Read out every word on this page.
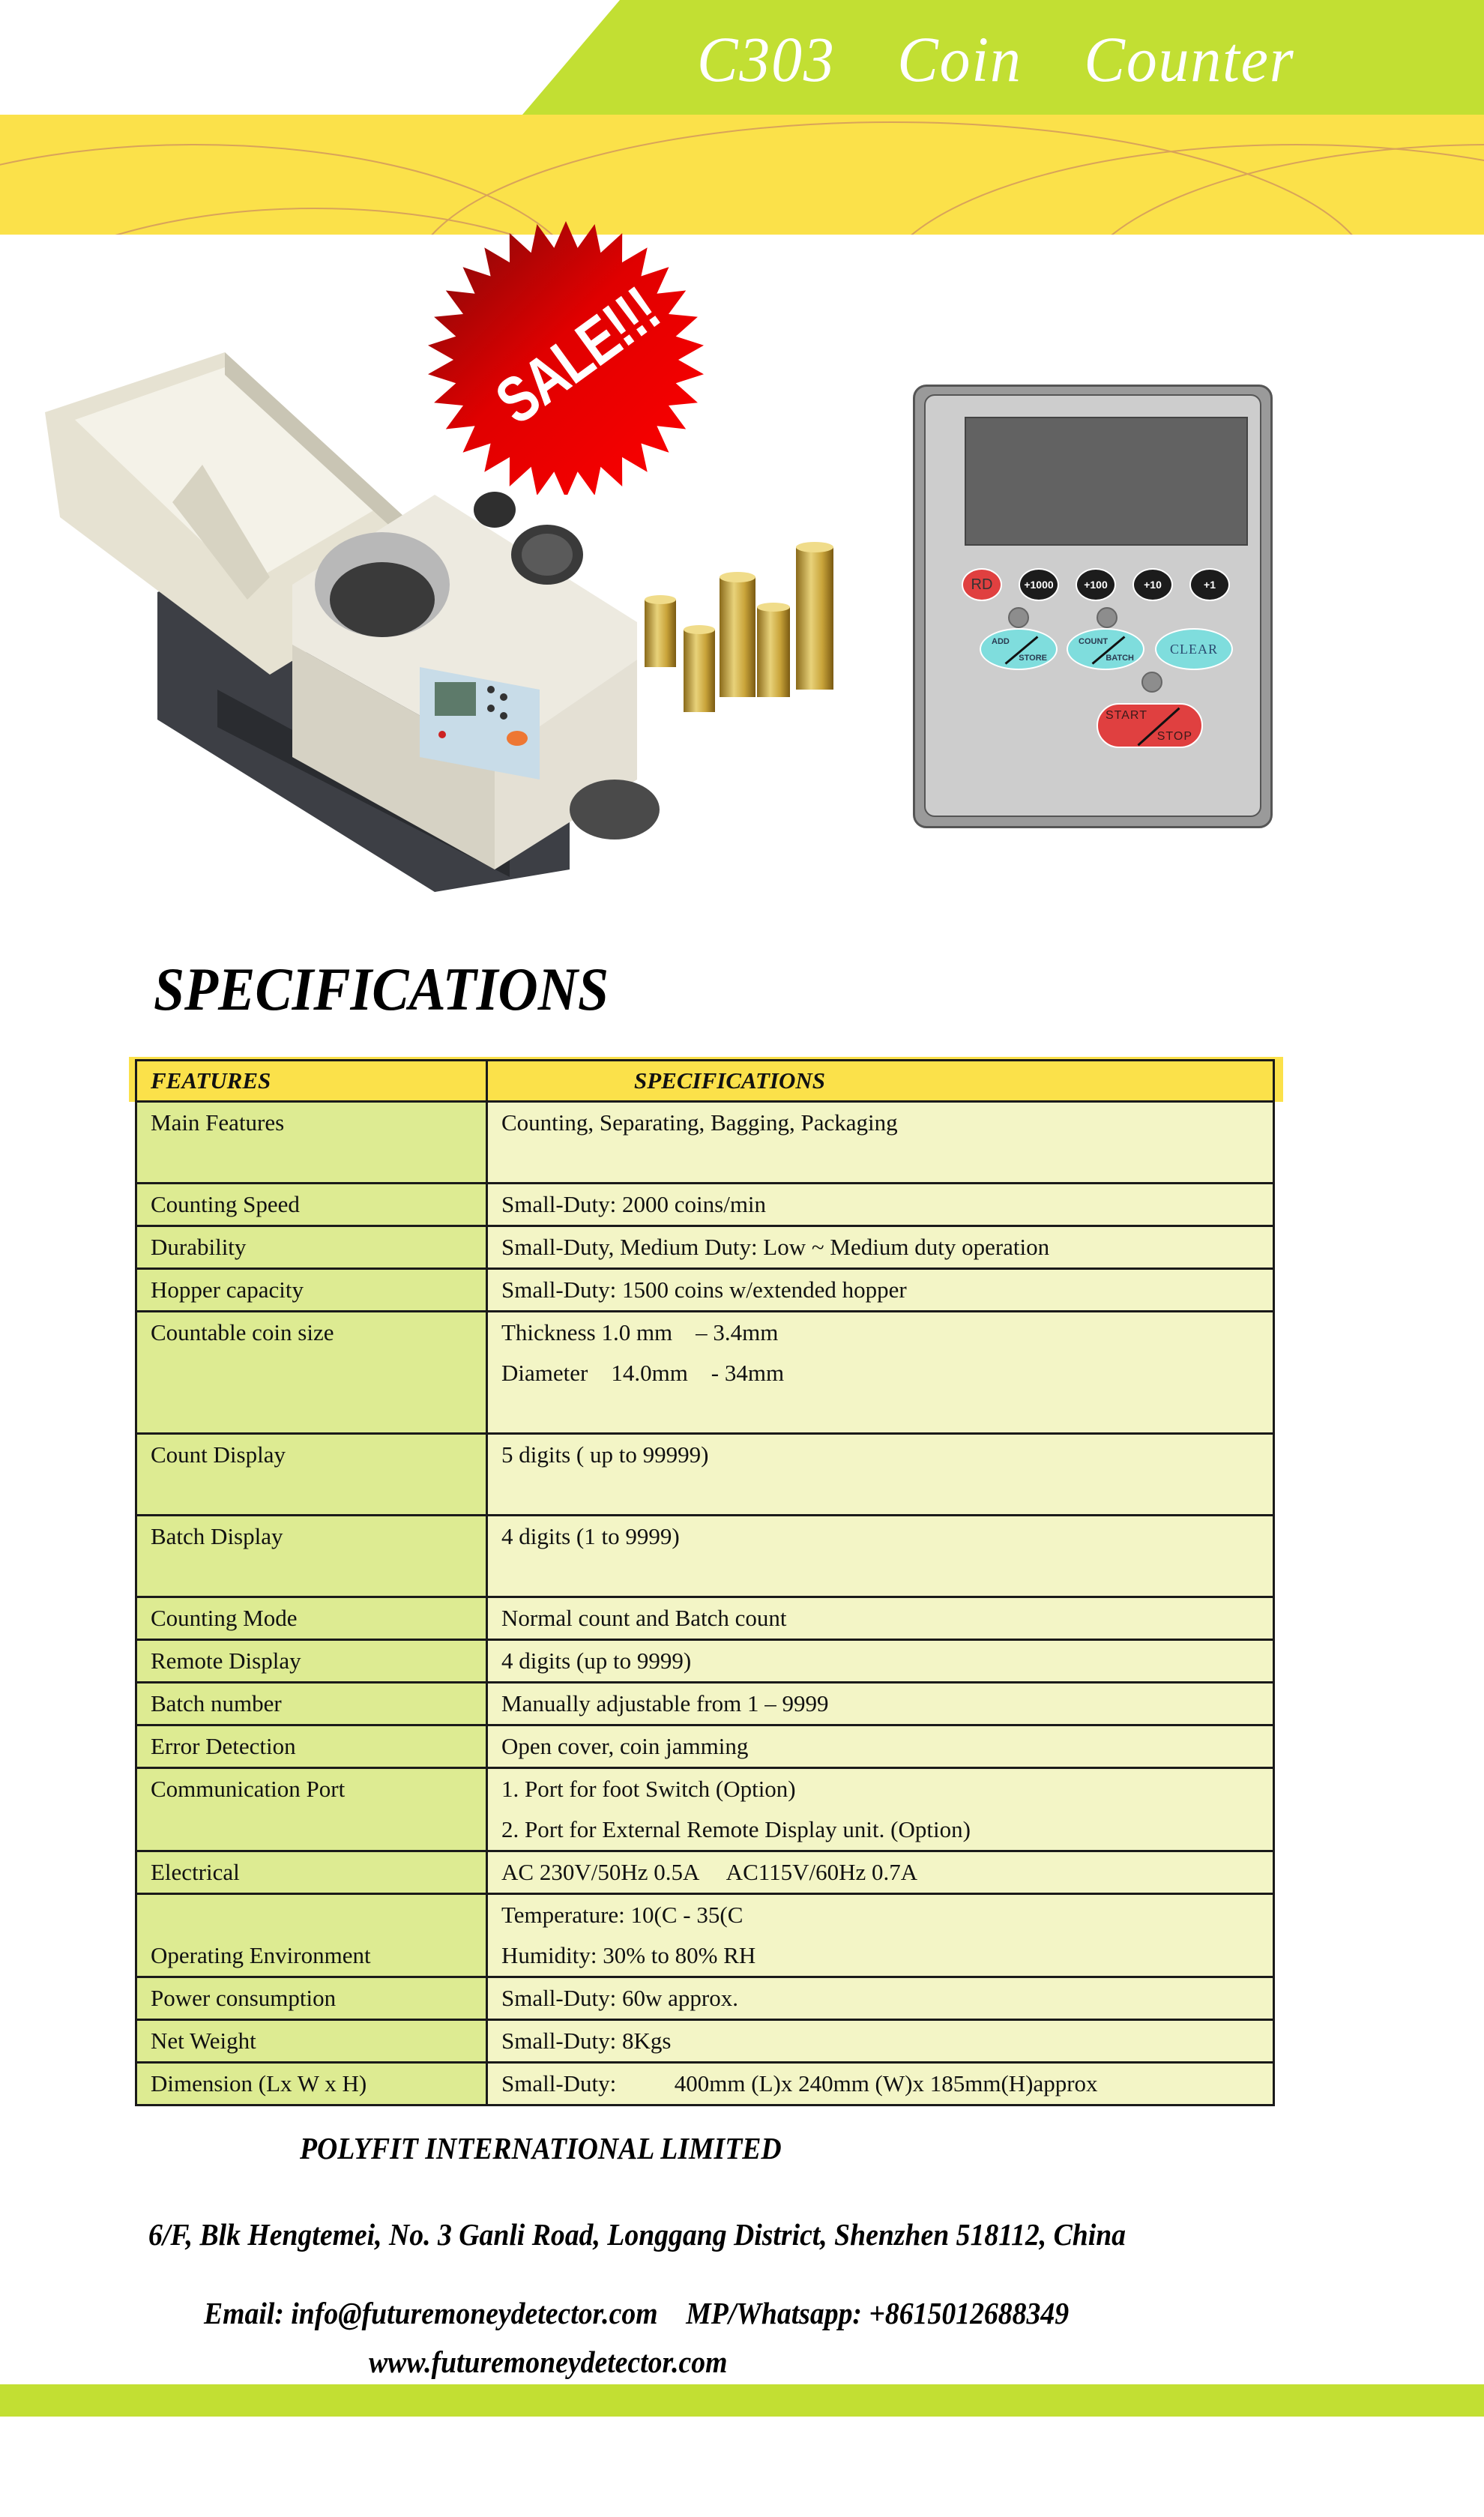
C303  Coin  Counter
SALE!!!
RD	+1000	+100	+10	+1
ADD
STORE
COUNT
BATCH
CLEAR
START
STOP
SPECIFICATIONS
FEATURES	SPECIFICATIONS

Main Features	Counting, Separating, Bagging, Packaging

Counting Speed	Small-Duty: 2000 coins/min

Durability	Small-Duty, Medium Duty: Low ~ Medium duty operation

Hopper capacity	Small-Duty: 1500 coins w/extended hopper

Countable coin size	Thickness 1.0 mm    – 3.4mm
Diameter    14.0mm    - 34mm

Count Display	5 digits ( up to 99999)

Batch Display	4 digits (1 to 9999)

Counting Mode	Normal count and Batch count

Remote Display	4 digits (up to 9999)

Batch number	Manually adjustable from 1 – 9999

Error Detection	Open cover, coin jamming

Communication Port	1. Port for foot Switch (Option)
2. Port for External Remote Display unit. (Option)

Electrical	AC 230V/50Hz 0.5A     AC115V/60Hz 0.7A

Operating Environment	Temperature: 10(C - 35(C
Humidity: 30% to 80% RH

Power consumption	Small-Duty: 60w approx.

Net Weight	Small-Duty: 8Kgs

Dimension (Lx W x H)	Small-Duty:          400mm (L)x 240mm (W)x 185mm(H)approx
POLYFIT INTERNATIONAL LIMITED
6/F, Blk Hengtemei, No. 3 Ganli Road, Longgang District, Shenzhen 518112, China
Email: info@futuremoneydetector.com MP/Whatsapp: +8615012688349
www.futuremoneydetector.com
